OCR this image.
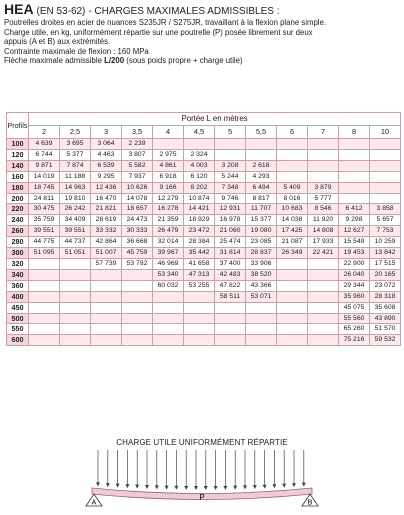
HEA (EN 53-62) - CHARGES MAXIMALES ADMISSIBLES :
Poutrelles droites en acier de nuances S235JR / S275JR, travaillant à la flexion plane simple.
Charge utile, en kg, uniformément répartie sur une poutrelle (P) posée librement sur deux
appuis (A et B) aux extrémités.
Contrainte maximale de flexion : 160 MPa
Flèche maximale admissible L/200 (sous poids propre + charge utile)
Profils	Portée L en mètres											
	2	2,5	3	3,5	4	4,5	5	5,5	6	7	8	10
100	4 639	3 695	3 064	2 239								
120	6 744	5 377	4 463	3 807	2 975	2 324						
140	9 871	7 874	6 539	5 582	4 861	4 003	3 208	2 618				
160	14 019	11 188	9 295	7 937	6 918	6 120	5 244	4 293				
180	18 745	14 963	12 436	10 626	9 166	8 202	7 348	6 494	5 409	3 879		
200	24 811	19 810	16 470	14 078	12 279	10 874	9 746	8 817	8 016	5 777		
220	30 475	26 242	21 821	18 657	16 278	14 421	12 931	11 707	10 683	8 546	6 412	3 858
240	35 759	34 409	28 619	24 473	21 359	18 929	16 978	15 377	14 038	11 920	9 298	5 657
260	39 551	39 551	33 332	30 333	26 479	23 472	21 060	19 080	17 425	14 808	12 627	7 753
280	44 775	44 737	42 864	36 668	32 014	28 384	25 474	23 085	21 087	17 933	15 549	10 259
300	51 095	51 051	51 007	45 759	39 967	35 442	31 814	28 837	26 349	22 421	19 453	13 842
320			57 739	53 782	46 969	41 658	37 400	33 906			22 900	17 515
340					53 340	47 313	42 483	38 520			26 040	20 165
360					60 032	53 255	47 822	43 366			29 344	23 072
400							58 511	53 071			35 960	28 318
450											45 075	35 608
500											55 560	43 890
550											65 260	51 570
600											75 216	59 532
CHARGE UTILE UNIFORMÉMENT RÉPARTIE
A	B
P
